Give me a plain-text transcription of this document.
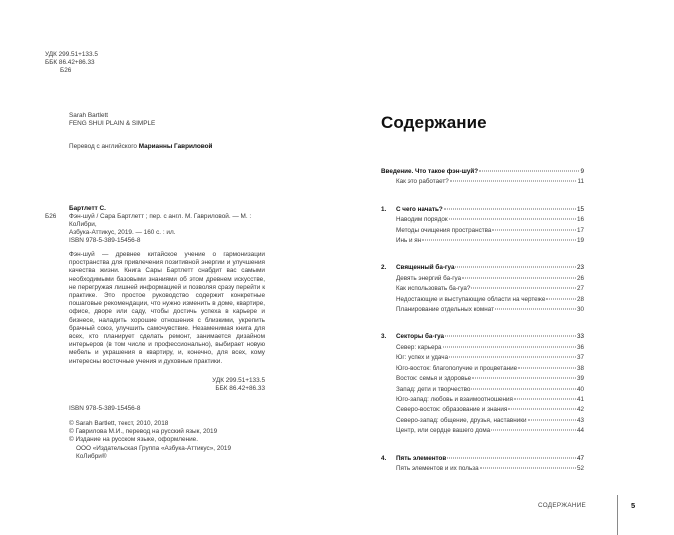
УДК 299.51+133.5
ББК 86.42+86.33
Б26
Sarah Bartlett
FENG SHUI PLAIN & SIMPLE
Перевод с английского Марианны Гавриловой
Бартлетт С.
Б26 Фэн-шуй / Сара Бартлетт ; пер. с англ. М. Гавриловой. — М. : КоЛибри,
Азбука-Аттикус, 2019. — 160 с. : ил.
ISBN 978-5-389-15456-8
Фэн-шуй — древнее китайское учение о гармонизации пространства для привлечения позитивной энергии и улучшения качества жизни. Книга Сары Бартлетт снабдит вас самыми необходимыми базовыми знаниями об этом древнем искусстве, не перегружая лишней информацией и позволяя сразу перейти к практике. Это простое руководство содержит конкретные пошаговые рекомендации, что нужно изменить в доме, квартире, офисе, дворе или саду, чтобы достичь успеха в карьере и бизнесе, наладить хорошие отношения с близкими, укрепить брачный союз, улучшить самочувствие. Незаменимая книга для всех, кто планирует сделать ремонт, занимается дизайном интерьеров (в том числе и профессионально), выбирает новую мебель и украшения в квартиру, и, конечно, для всех, кому интересны восточные учения и духовные практики.
УДК 299.51+133.5
ББК 86.42+86.33
ISBN 978-5-389-15456-8
© Sarah Bartlett, текст, 2010, 2018
© Гаврилова М.И., перевод на русский язык, 2019
© Издание на русском языке, оформление.
ООО «Издательская Группа «Азбука-Аттикус», 2019
КоЛибри®
Содержание
Введение. Что такое фэн-шуй?	9
Как это работает?	11
1.	С чего начать?	15
Наводим порядок	16
Методы очищения пространства	17
Инь и ян	19
2.	Священный ба-гуа	23
Девять энергий ба-гуа	26
Как использовать ба-гуа?	27
Недостающие и выступающие области на чертеже	28
Планирование отдельных комнат	30
3.	Секторы ба-гуа	33
Север: карьера	36
Юг: успех и удача	37
Юго-восток: благополучие и процветание	38
Восток: семья и здоровье	39
Запад: дети и творчество	40
Юго-запад: любовь и взаимоотношения	41
Северо-восток: образование и знания	42
Северо-запад: общение, друзья, наставники	43
Центр, или сердце вашего дома	44
4.	Пять элементов	47
Пять элементов и их польза	52
СОДЕРЖАНИЕ	5
